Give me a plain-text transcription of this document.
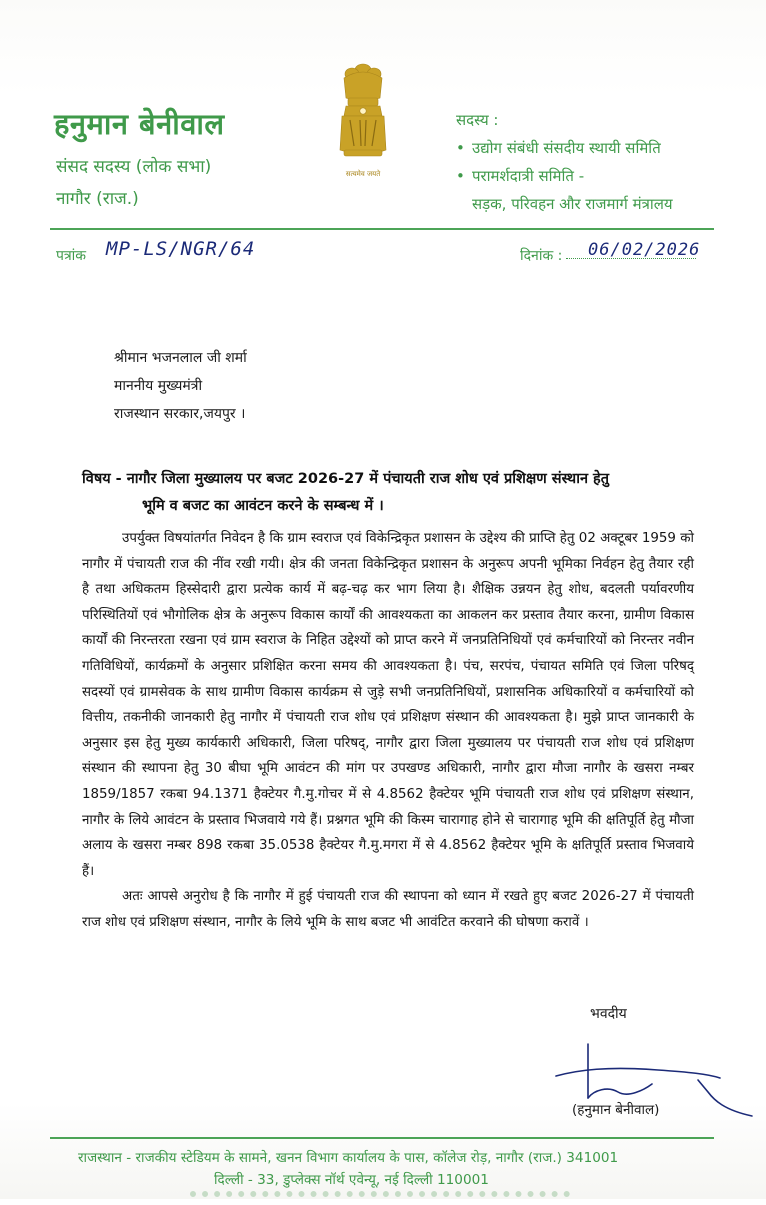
हनुमान बेनीवाल
संसद सदस्य (लोक सभा)
नागौर (राज.)
सत्यमेव जयते
सदस्य :
• उद्योग संबंधी संसदीय स्थायी समिति
• परामर्शदात्री समिति -
सड़क, परिवहन और राजमार्ग मंत्रालय
पत्रांक MP-LS/NGR/64	दिनांक : 06/02/2026
श्रीमान भजनलाल जी शर्मा
माननीय मुख्यमंत्री
राजस्थान सरकार,जयपुर ।
विषय - नागौर जिला मुख्यालय पर बजट 2026-27 में पंचायती राज शोध एवं प्रशिक्षण संस्थान हेतु
भूमि व बजट का आवंटन करने के सम्बन्ध में ।

उपर्युक्त विषयांतर्गत निवेदन है कि ग्राम स्वराज एवं विकेन्द्रिकृत प्रशासन के उद्देश्य की प्राप्ति हेतु 02 अक्टूबर 1959 को नागौर में पंचायती राज की नींव रखी गयी। क्षेत्र की जनता विकेन्द्रिकृत प्रशासन के अनुरूप अपनी भूमिका निर्वहन हेतु तैयार रही है तथा अधिकतम हिस्सेदारी द्वारा प्रत्येक कार्य में बढ़-चढ़ कर भाग लिया है। शैक्षिक उन्नयन हेतु शोध, बदलती पर्यावरणीय परिस्थितियों एवं भौगोलिक क्षेत्र के अनुरूप विकास कार्यों की आवश्यकता का आकलन कर प्रस्ताव तैयार करना, ग्रामीण विकास कार्यों की निरन्तरता रखना एवं ग्राम स्वराज के निहित उद्देश्यों को प्राप्त करने में जनप्रतिनिधियों एवं कर्मचारियों को निरन्तर नवीन गतिविधियों, कार्यक्रमों के अनुसार प्रशिक्षित करना समय की आवश्यकता है। पंच, सरपंच, पंचायत समिति एवं जिला परिषद् सदस्यों एवं ग्रामसेवक के साथ ग्रामीण विकास कार्यक्रम से जुड़े सभी जनप्रतिनिधियों, प्रशासनिक अधिकारियों व कर्मचारियों को वित्तीय, तकनीकी जानकारी हेतु नागौर में पंचायती राज शोध एवं प्रशिक्षण संस्थान की आवश्यकता है। मुझे प्राप्त जानकारी के अनुसार इस हेतु मुख्य कार्यकारी अधिकारी, जिला परिषद्, नागौर द्वारा जिला मुख्यालय पर पंचायती राज शोध एवं प्रशिक्षण संस्थान की स्थापना हेतु 30 बीघा भूमि आवंटन की मांग पर उपखण्ड अधिकारी, नागौर द्वारा मौजा नागौर के खसरा नम्बर 1859/1857 रकबा 94.1371 हैक्टेयर गै.मु.गोचर में से 4.8562 हैक्टेयर भूमि पंचायती राज शोध एवं प्रशिक्षण संस्थान, नागौर के लिये आवंटन के प्रस्ताव भिजवाये गये हैं। प्रश्नगत भूमि की किस्म चारागाह होने से चारागाह भूमि की क्षतिपूर्ति हेतु मौजा अलाय के खसरा नम्बर 898 रकबा 35.0538 हैक्टेयर गै.मु.मगरा में से 4.8562 हैक्टेयर भूमि के क्षतिपूर्ति प्रस्ताव भिजवाये हैं।

अतः आपसे अनुरोध है कि नागौर में हुई पंचायती राज की स्थापना को ध्यान में रखते हुए बजट 2026-27 में पंचायती राज शोध एवं प्रशिक्षण संस्थान, नागौर के लिये भूमि के साथ बजट भी आवंटित करवाने की घोषणा करावें ।

भवदीय
(हनुमान बेनीवाल)
राजस्थान - राजकीय स्टेडियम के सामने, खनन विभाग कार्यालय के पास, कॉलेज रोड़, नागौर (राज.) 341001
दिल्ली - 33, डुप्लेक्स नॉर्थ एवेन्यू, नई दिल्ली 110001
